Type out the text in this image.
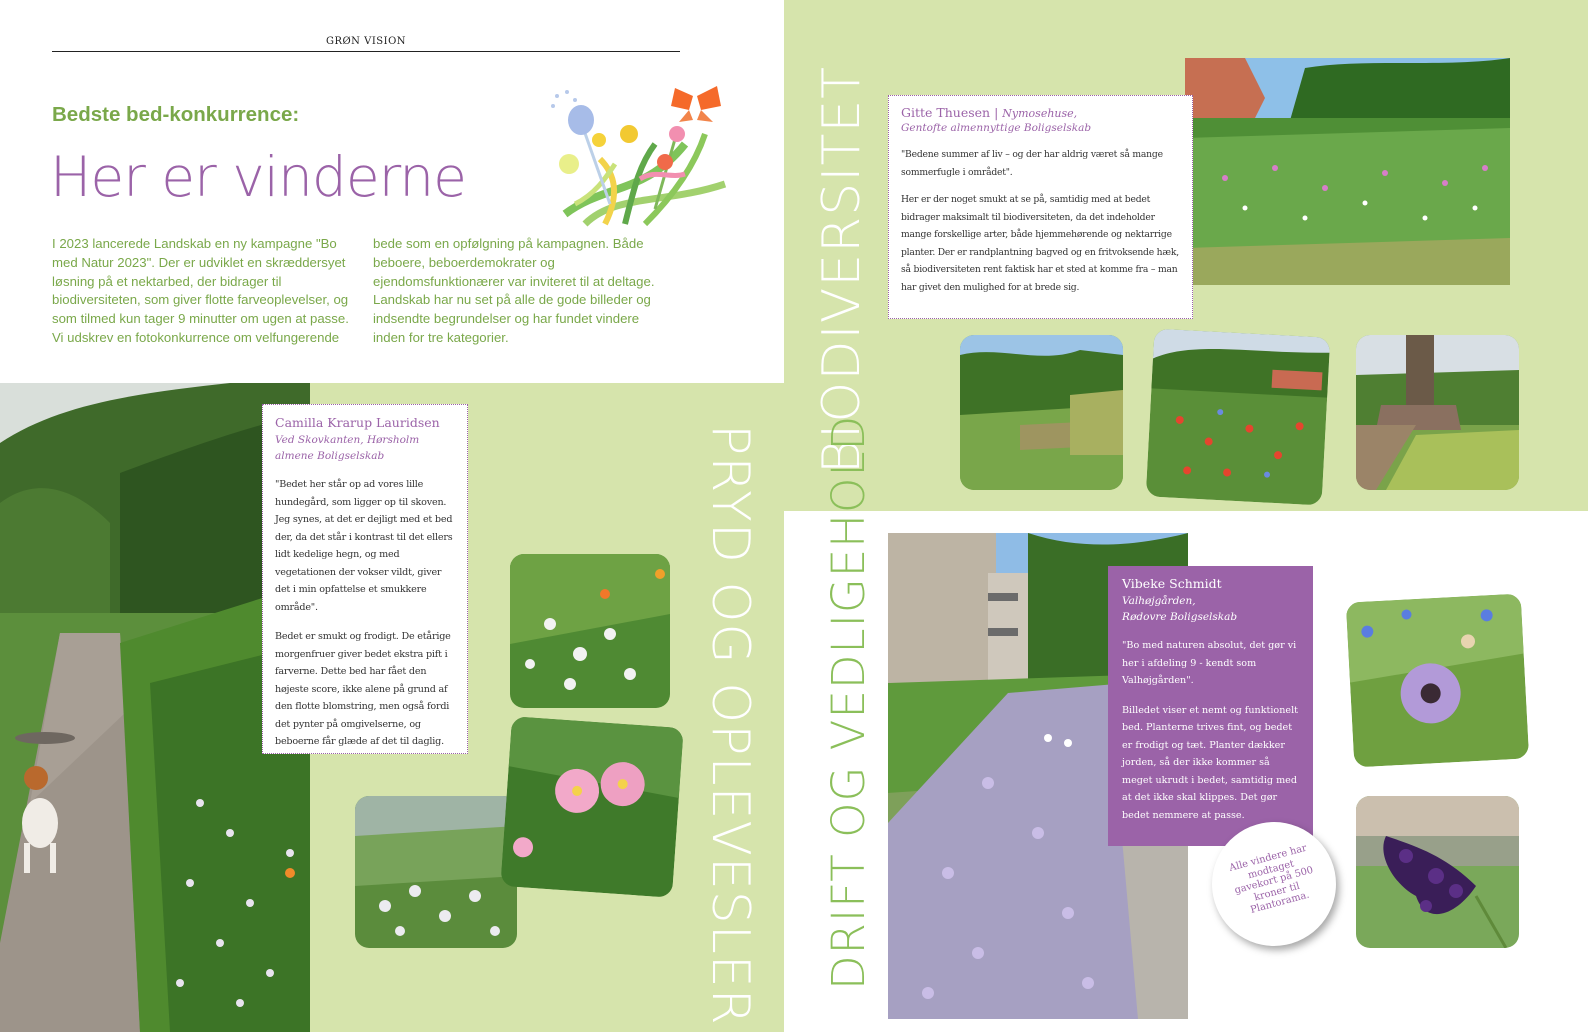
GRØN VISION
Bedste bed-konkurrence:
Her er vinderne
I 2023 lancerede Landskab en ny kampagne "Bo med Natur 2023". Der er udviklet en skræddersyet løsning på et nektarbed, der bidrager til biodiversiteten, som giver flotte farveoplevelser, og som tilmed kun tager 9 minutter om ugen at passe. Vi udskrev en fotokonkurrence om velfungerende
bede som en opfølgning på kampagnen. Både beboere, beboerdemokrater og ejendomsfunktionærer var inviteret til at deltage. Landskab har nu set på alle de gode billeder og indsendte begrundelser og har fundet vindere inden for tre kategorier.
Camilla Krarup Lauridsen
Ved Skovkanten, Hørsholm almene Boligselskab

"Bedet her står op ad vores lille hundegård, som ligger op til skoven. Jeg synes, at det er dejligt med et bed der, da det står i kontrast til det ellers lidt kedelige hegn, og med vegetationen der vokser vildt, giver det i min opfattelse et smukkere område".

Bedet er smukt og frodigt. De etårige morgenfruer giver bedet ekstra pift i farverne. Dette bed har fået den højeste score, ikke alene på grund af den flotte blomstring, men også fordi det pynter på omgivelserne, og beboerne får glæde af det til daglig.	PRYD OG OPLEVESLER
BIODIVERSITET Gitte Thuesen | Nymosehuse,
Gentofte almennyttige Boligselskab

"Bedene summer af liv – og der har aldrig været så mange sommerfugle i området".

Her er der noget smukt at se på, samtidig med at bedet bidrager maksimalt til biodiversiteten, da det indeholder mange forskellige arter, både hjemmehørende og nektarrige planter. Der er randplantning bagved og en fritvoksende hæk, så biodiversiteten rent faktisk har et sted at komme fra – man har givet den mulighed for at brede sig.

DRIFT OG VEDLIGEHOLD	Vibeke Schmidt
Valhøjgården,
Rødovre Boligselskab

"Bo med naturen absolut, det gør vi her i afdeling 9 - kendt som Valhøjgården".

Billedet viser et nemt og funktionelt bed. Planterne trives fint, og bedet er frodigt og tæt. Planter dækker jorden, så der ikke kommer så meget ukrudt i bedet, samtidig med at det ikke skal klippes. Det gør bedet nemmere at passe.

Alle vindere har modtaget gavekort på 500 kroner til Plantorama.
